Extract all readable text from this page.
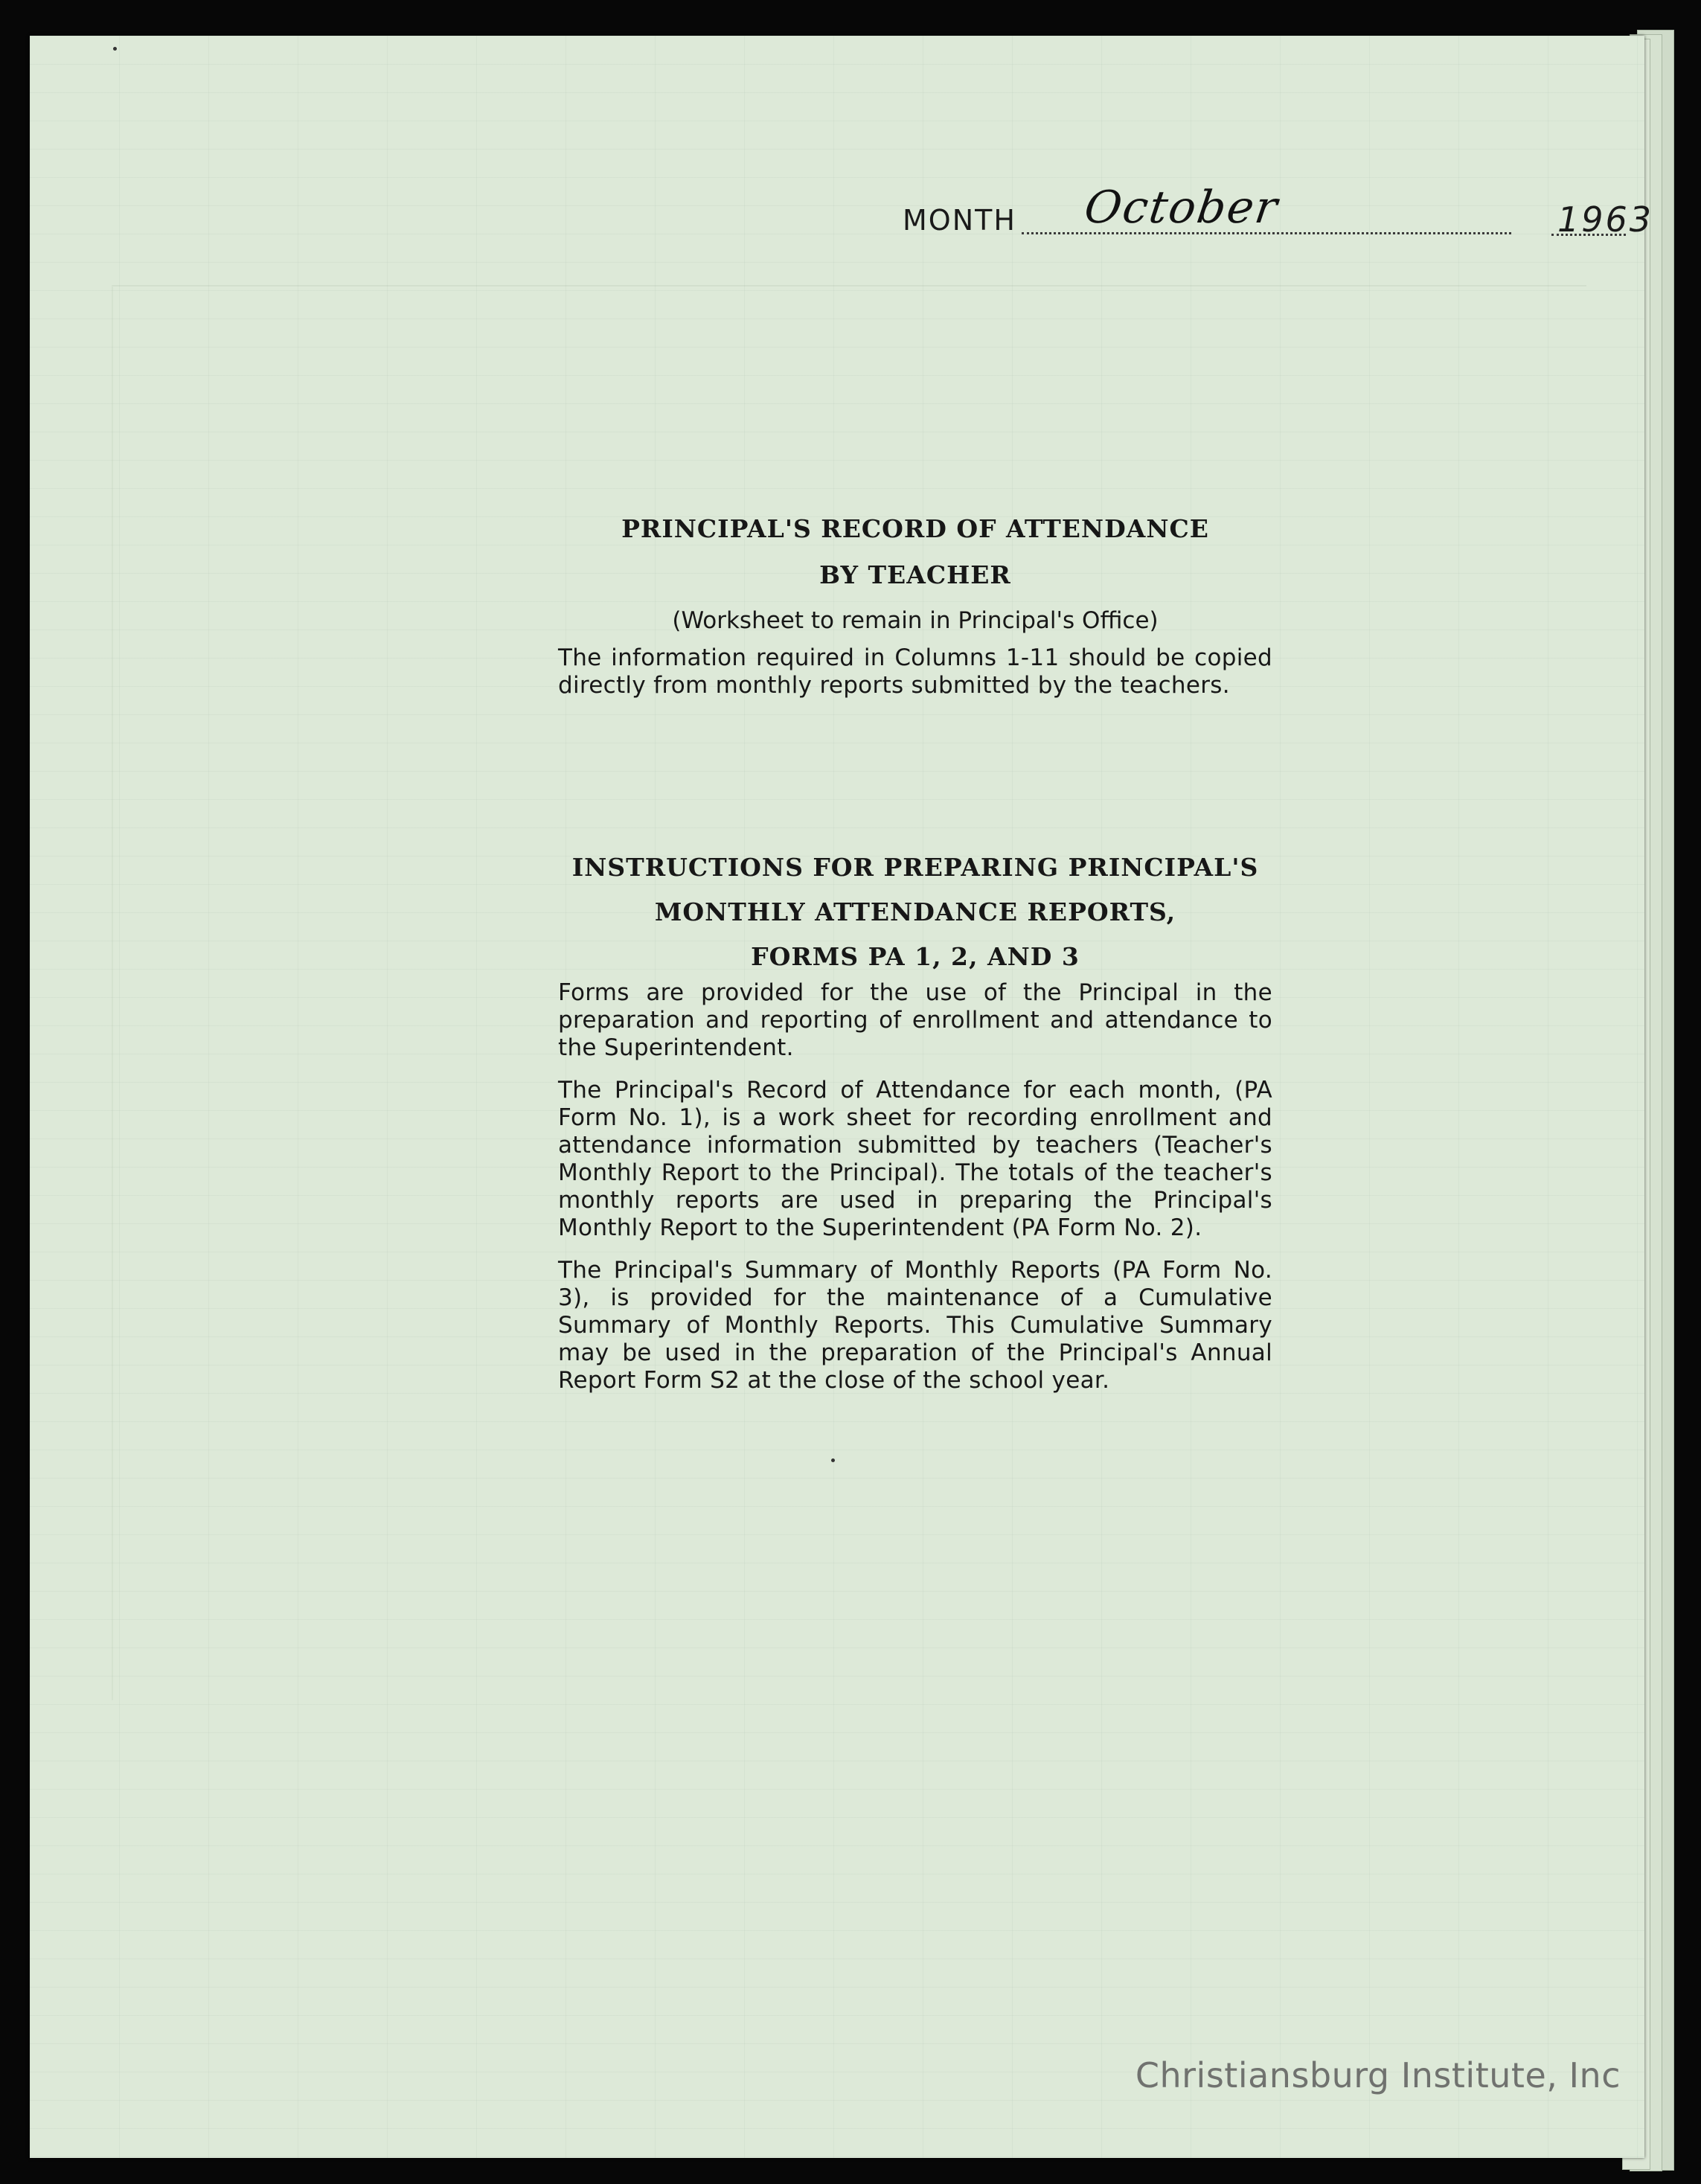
MONTH October	1963

PRINCIPAL'S RECORD OF ATTENDANCE

BY TEACHER

(Worksheet to remain in Principal's Office)

The information required in Columns 1-11 should be copied directly from monthly reports submitted by the teachers.

INSTRUCTIONS FOR PREPARING PRINCIPAL'S

MONTHLY ATTENDANCE REPORTS,

FORMS PA 1, 2, AND 3

Forms are provided for the use of the Principal in the preparation and reporting of enrollment and attendance to the Superintendent.

The Principal's Record of Attendance for each month, (PA Form No. 1), is a work sheet for recording enrollment and attendance information submitted by teachers (Teacher's Monthly Report to the Principal). The totals of the teacher's monthly reports are used in preparing the Principal's Monthly Report to the Superintendent (PA Form No. 2).

The Principal's Summary of Monthly Reports (PA Form No. 3), is provided for the maintenance of a Cumulative Summary of Monthly Reports. This Cumulative Summary may be used in the preparation of the Principal's Annual Report Form S2 at the close of the school year.

Christiansburg Institute, Inc
